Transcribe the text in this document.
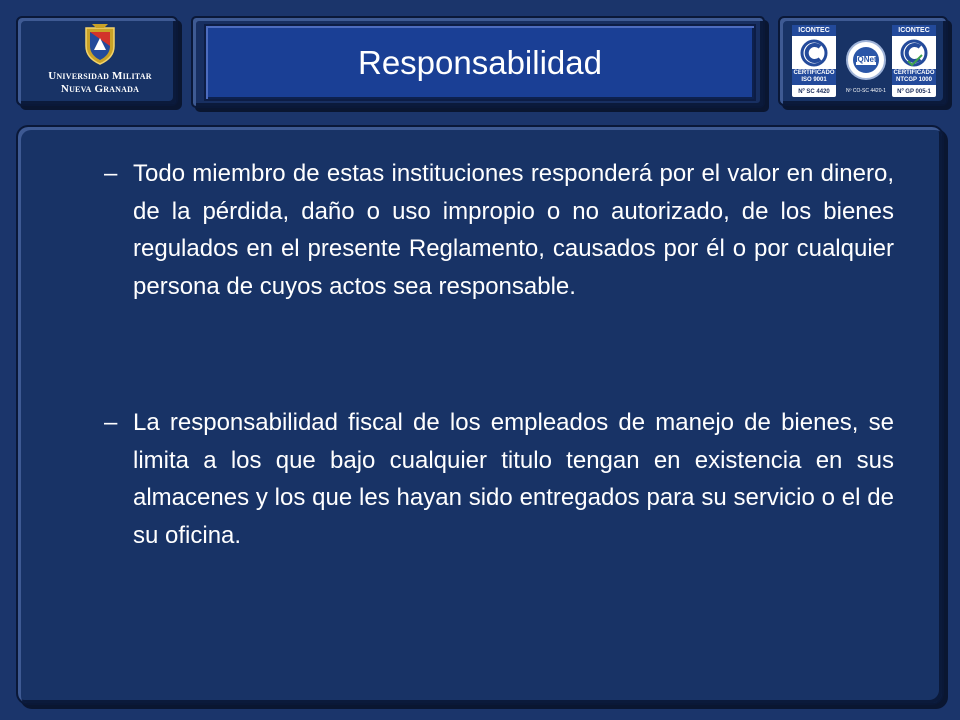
Responsabilidad
Universidad Militar
Nueva Granada
ICONTEC
CERTIFICADO
ISO 9001
Nº SC 4420
IQNet
Nº CO-SC 4420-1
ICONTEC
CERTIFICADO
NTCGP 1000
Nº GP 005-1
– Todo miembro de estas instituciones responderá por el valor en dinero, de la pérdida, daño o uso impropio o no autorizado, de los bienes regulados en el presente Reglamento, causados por él o por cualquier persona de cuyos actos sea responsable.
– La responsabilidad fiscal de los empleados de manejo de bienes, se limita a los que bajo cualquier titulo tengan en existencia en sus almacenes y los que les hayan sido entregados para su servicio o el de su oficina.
